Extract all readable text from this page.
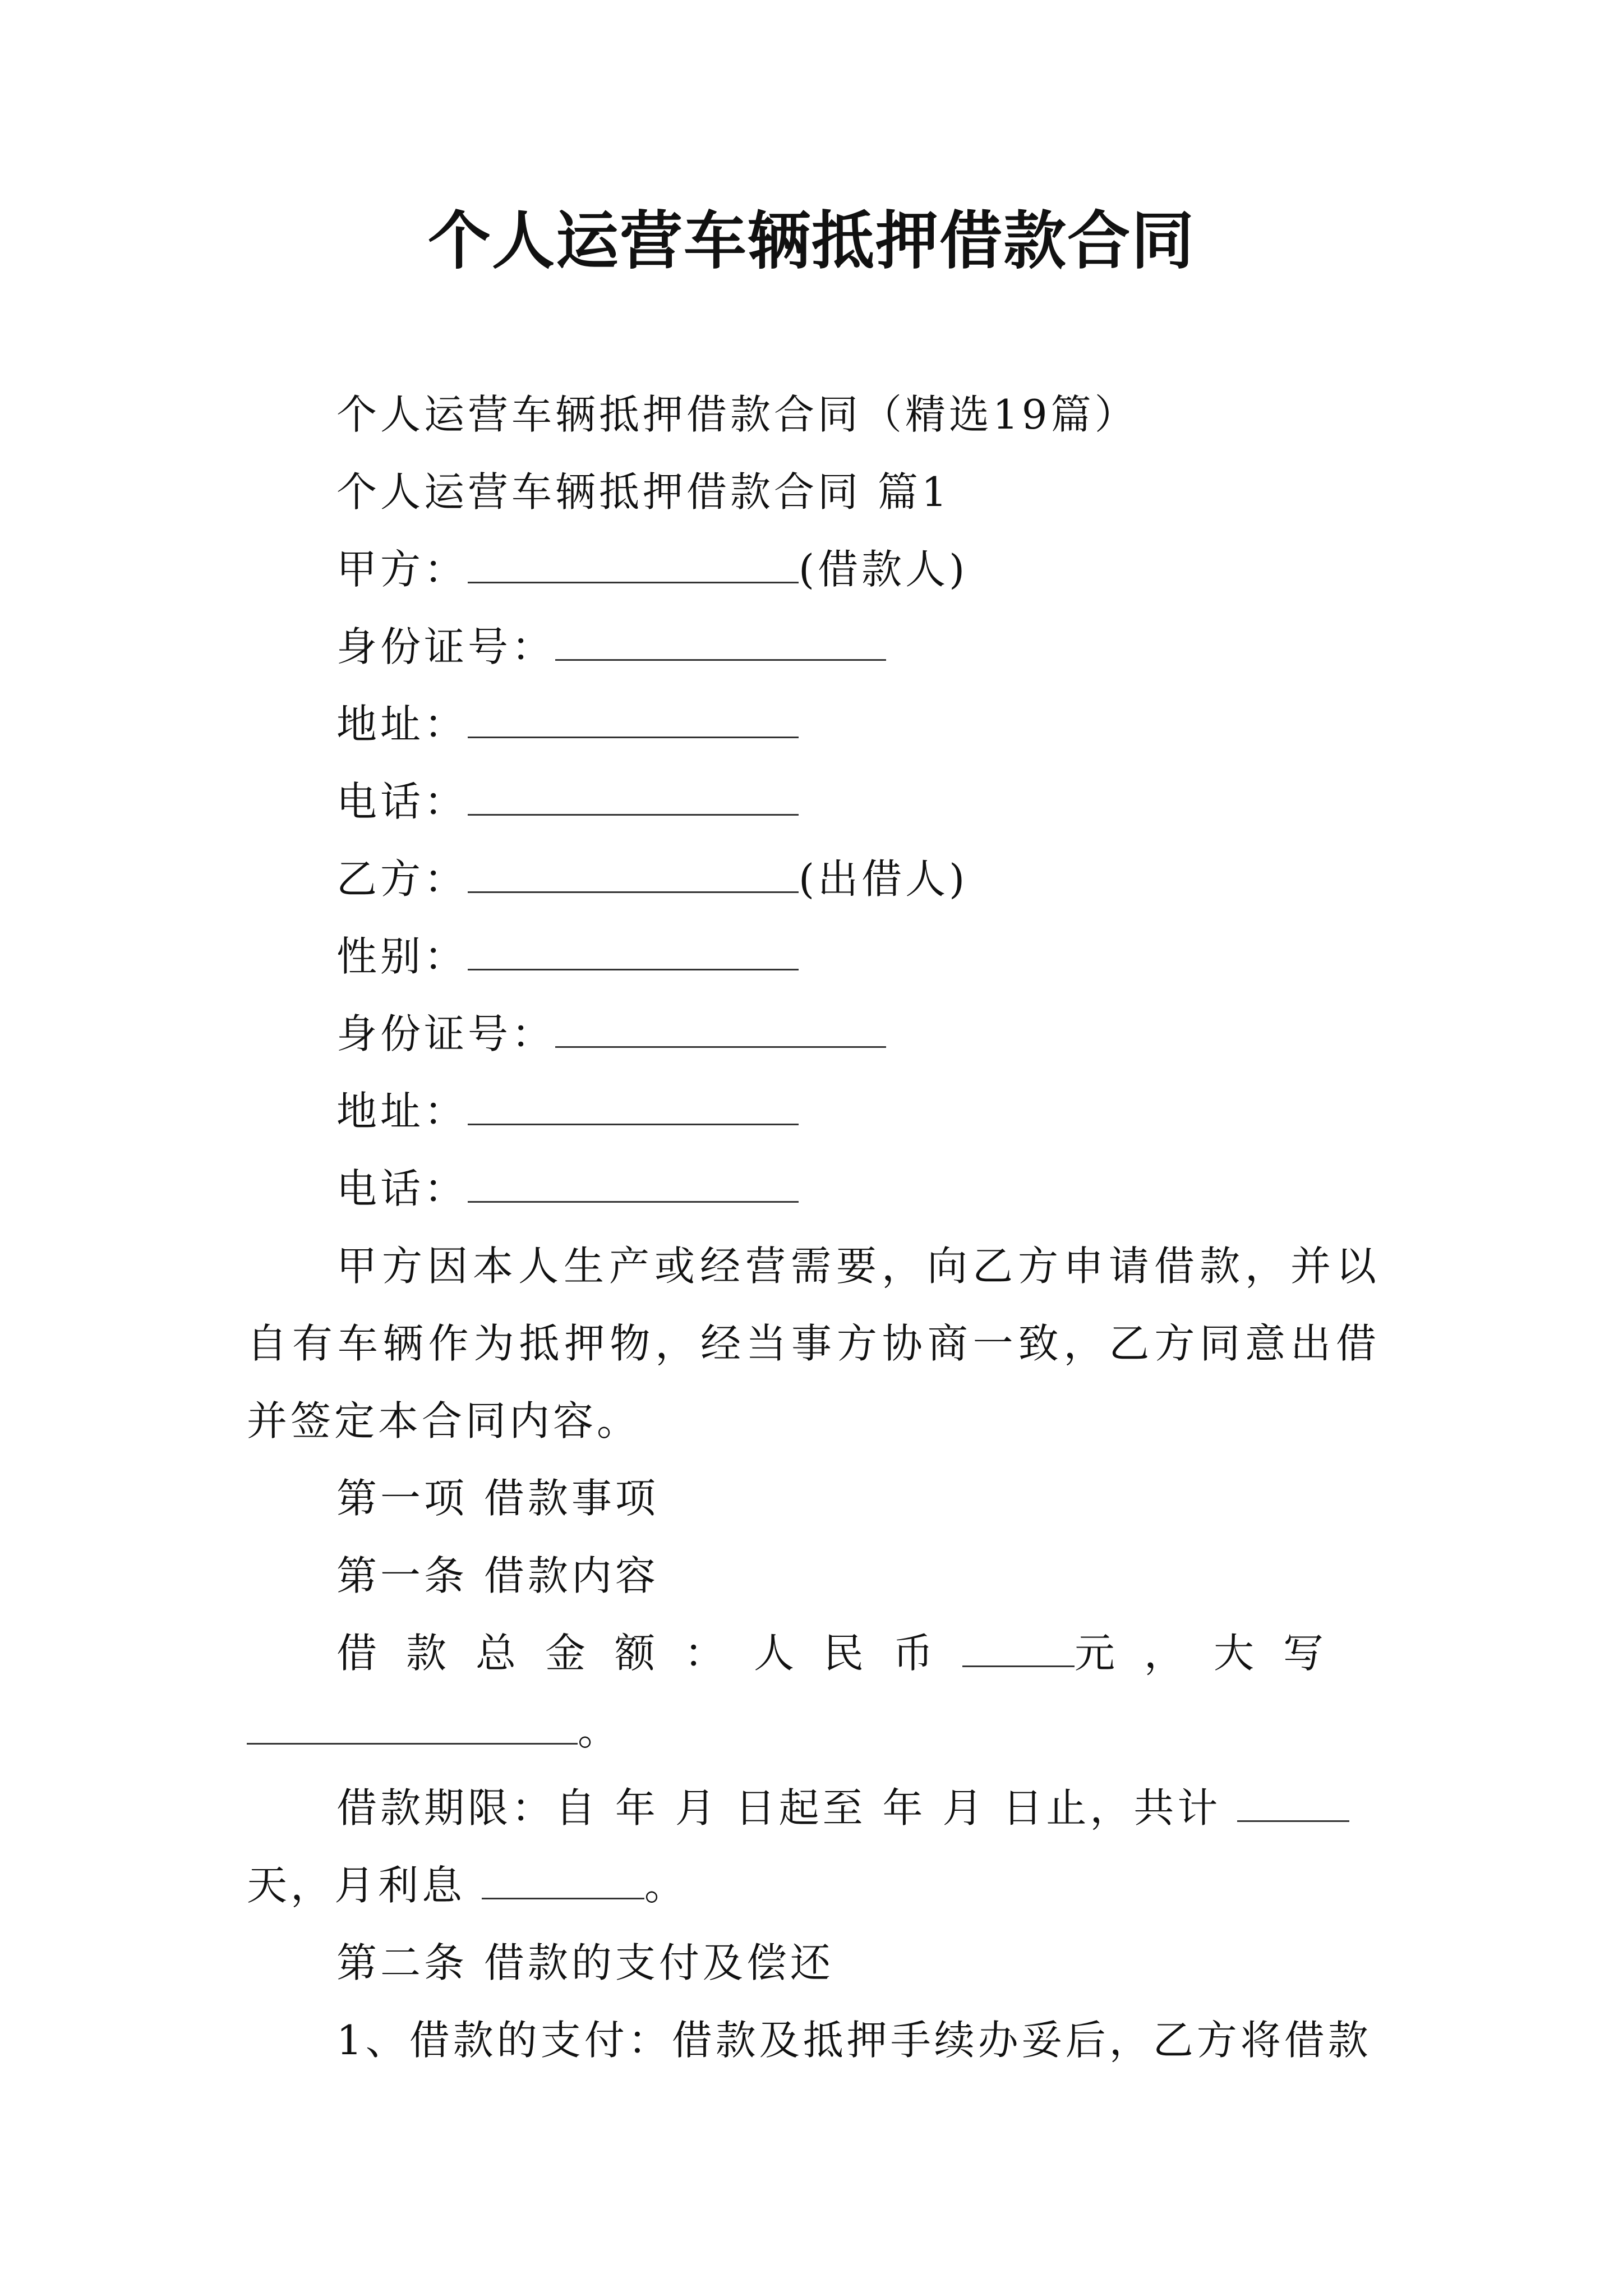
个人运营车辆抵押借款合同
个人运营车辆抵押借款合同（精选19篇）
个人运营车辆抵押借款合同 篇1
甲方：	(借款人)
身份证号：
地址：
电话：
乙方：	(出借人)
性别：
身份证号：
地址：
电话：
甲方因本人生产或经营需要，向乙方申请借款，并以自有车辆作为抵押物，经当事方协商一致，乙方同意出借并签定本合同内容。
第一项 借款事项
第一条 借款内容
借款总金额：人民币	元，大写
。
借款期限：自 年 月 日起至 年 月 日止，共计
天，月利息	。
第二条 借款的支付及偿还
1、借款的支付：借款及抵押手续办妥后，乙方将借款
